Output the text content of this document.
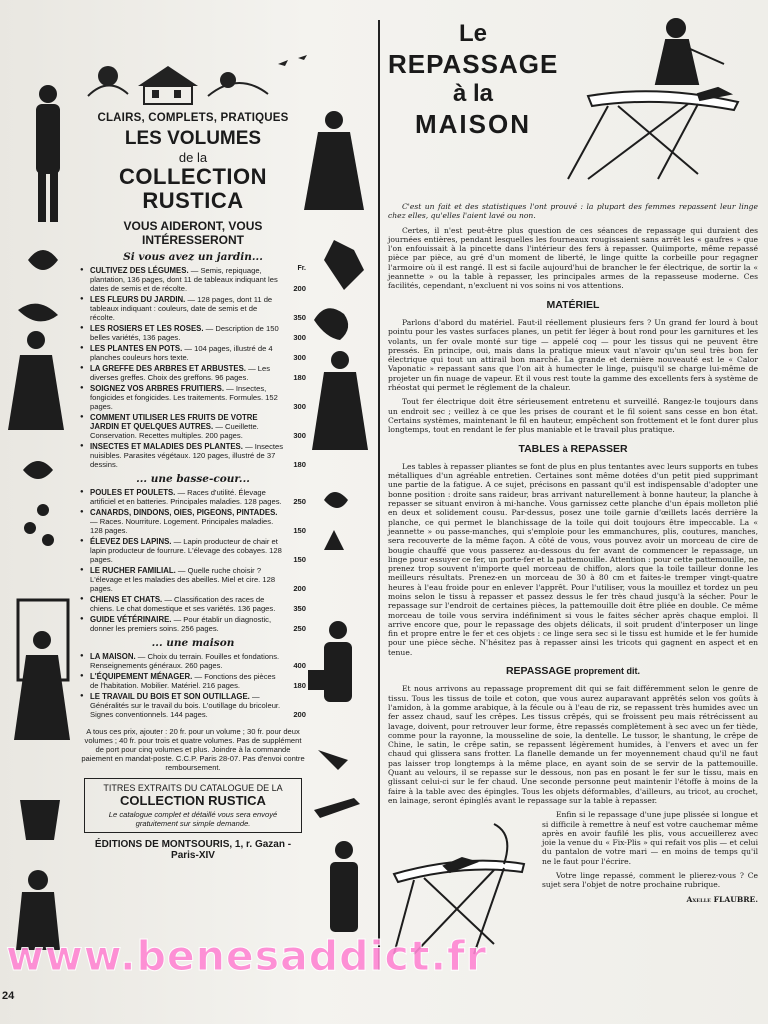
CLAIRS, COMPLETS, PRATIQUES

LES VOLUMES

de la

COLLECTION
RUSTICA

VOUS AIDERONT, VOUS INTÉRESSERONT

Si vous avez un jardin...

Fr.
● CULTIVEZ DES LÉGUMES. — Semis, repiquage, plantation, 136 pages, dont 11 de tableaux indiquant les dates de semis et de récolte.	200
● LES FLEURS DU JARDIN. — 128 pages, dont 11 de tableaux indiquant : couleurs, date de semis et de récolte.	350
● LES ROSIERS ET LES ROSES. — Description de 150 belles variétés, 136 pages.	300
● LES PLANTES EN POTS. — 104 pages, illustré de 4 planches couleurs hors texte.	300
● LA GREFFE DES ARBRES ET ARBUSTES. — Les diverses greffes. Choix des greffons. 96 pages.	180
● SOIGNEZ VOS ARBRES FRUITIERS. — Insectes, fongicides et fongicides. Les traitements. Formules. 152 pages.	300
● COMMENT UTILISER LES FRUITS DE VOTRE JARDIN ET QUELQUES AUTRES. — Cueillette. Conservation. Recettes multiples. 200 pages.	300
● INSECTES ET MALADIES DES PLANTES. — Insectes nuisibles. Parasites végétaux. 120 pages, illustré de 37 dessins.	180

... une basse-cour...

● POULES ET POULETS. — Races d'utilité. Élevage artificiel et en batteries. Principales maladies. 128 pages. 250
● CANARDS, DINDONS, OIES, PIGEONS, PINTADES. — Races. Nourriture. Logement. Principales maladies. 128 pages.	150
● ÉLEVEZ DES LAPINS. — Lapin producteur de chair et lapin producteur de fourrure. L'élevage des cobayes. 128 pages.	150
● LE RUCHER FAMILIAL. — Quelle ruche choisir ? L'élevage et les maladies des abeilles. Miel et cire. 128 pages.	200
● CHIENS ET CHATS. — Classification des races de chiens. Le chat domestique et ses variétés. 136 pages. 350
● GUIDE VÉTÉRINAIRE. — Pour établir un diagnostic, donner les premiers soins. 256 pages.	250

... une maison

● LA MAISON. — Choix du terrain. Fouilles et fondations. Renseignements généraux. 260 pages.	400
● L'ÉQUIPEMENT MÉNAGER. — Fonctions des pièces de l'habitation. Mobilier. Matériel. 216 pages.	180
● LE TRAVAIL DU BOIS ET SON OUTILLAGE. — Généralités sur le travail du bois. L'outillage du bricoleur. Signes conventionnels. 144 pages.	200

A tous ces prix, ajouter : 20 fr. pour un volume ; 30 fr. pour deux volumes ; 40 fr. pour trois et quatre volumes. Pas de supplément de port pour cinq volumes et plus. Joindre à la commande paiement en mandat-poste. C.C.P. Paris 28-07. Pas d'envoi contre remboursement.

TITRES EXTRAITS DU CATALOGUE DE LA

COLLECTION RUSTICA

Le catalogue complet et détaillé vous sera envoyé gratuitement sur simple demande.

ÉDITIONS DE MONTSOURIS, 1, r. Gazan - Paris-XIV

Le
REPASSAGE
à la
MAISON

C'est un fait et des statistiques l'ont prouvé : la plupart des femmes repassent leur linge chez elles, qu'elles l'aient lavé ou non.

Certes, il n'est peut-être plus question de ces séances de repassage qui duraient des journées entières, pendant lesquelles les fourneaux rougissaient sans arrêt les « gaufres » que l'on enfouissait à la pincette dans l'intérieur des fers à repasser. Quiimporte, même repassé pièce par pièce, au gré d'un moment de liberté, le linge quitte la corbeille pour regagner l'armoire où il est rangé. Il est si facile aujourd'hui de brancher le fer électrique, de sortir la « jeannette » ou la table à repasser, les principales armes de la repasseuse moderne. Ces facilités, cependant, n'excluent ni vos soins ni vos attentions.

MATÉRIEL

Parlons d'abord du matériel. Faut-il réellement plusieurs fers ? Un grand fer lourd à bout pointu pour les vastes surfaces planes, un petit fer léger à bout rond pour les garnitures et les volants, un fer ovale monté sur tige — appelé coq — pour les tissus qui ne peuvent être pressés. En principe, oui, mais dans la pratique mieux vaut n'avoir qu'un seul très bon fer électrique qui tout un attirail bon marché. La grande et dernière nouveauté est le « Calor Vaponatic » repassant sans que l'on ait à humecter le linge, puisqu'il se charge lui-même de projeter un fin nuage de vapeur. Et il vous rest toute la gamme des excellents fers à système de rhéostat qui permet le réglement de la chaleur.

Tout fer électrique doit être sérieusement entretenu et surveillé. Rangez-le toujours dans un endroit sec ; veillez à ce que les prises de courant et le fil soient sans cesse en bon état. Certains systèmes, maintenant le fil en hauteur, empêchent son frottement et le font durer plus longtemps, tout en rendant le fer plus maniable et le travail plus pratique.

TABLES à REPASSER

Les tables à repasser pliantes se font de plus en plus tentantes avec leurs supports en tubes métalliques d'un agréable entretien. Certaines sont même dotées d'un petit pied supprimant une partie de la fatigue. A ce sujet, précisons en passant qu'il est indispensable d'adopter une bonne position : droite sans raideur, bras arrivant naturellement à bonne hauteur, la planche à repasser se situant environ à mi-hanche. Vous garnissez cette planche d'un épais molleton plié en deux et solidement cousu. Par-dessus, posez une toile garnie d'œillets lacés derrière la planche, ce qui permet le blanchissage de la toile qui doit toujours être impeccable. La « jeannette » ou passe-manches, qui s'emploie pour les emmanchures, plis, coutures, manches, sera recouverte de la même façon. A côté de vous, vous pouvez avoir un morceau de cire de bougie chauffé que vous passerez au-dessous du fer avant de commencer le repassage, un linge pour essuyer ce fer, un porte-fer et la pattemouille. Attention : pour cette pattemouille, ne prenez trop souvent n'importe quel morceau de chiffon, alors que la toile tailleur donne les meilleurs résultats. Prenez-en un morceau de 30 à 80 cm et faites-le tremper vingt-quatre heures à l'eau froide pour en enlever l'apprêt. Pour l'utiliser, vous la mouillez et tordez un peu moins selon le tissu à repasser et passez dessus le fer très chaud jusqu'à la sécher. Pour le repassage sur l'endroit de certaines pièces, la pattemouille doit être pliée en double. Ce même morceau de toile vous servira indéfiniment si vous le faites sécher après chaque emploi. Il arrive encore que, pour le repassage des objets délicats, il soit prudent d'interposer un linge fin et propre entre le fer et ces objets : ce linge sera sec si le tissu est humide et le fer humide pour une pièce sèche. N'hésitez pas à repasser ainsi les tricots qui gagnent en aspect et en tenue.

REPASSAGE proprement dit.

Et nous arrivons au repassage proprement dit qui se fait différemment selon le genre de tissu. Tous les tissus de toile et coton, que vous aurez auparavant apprêtés selon vos goûts à l'amidon, à la gomme arabique, à la fécule ou à l'eau de riz, se repassent très humides avec un fer assez chaud, sauf les crêpes. Les tissus crêpés, qui se froissent peu mais rétrécissent au lavage, doivent, pour retrouver leur forme, être repassés complètement à sec avec un fer tiède, comme pour la rayonne, la mousseline de soie, la dentelle. Le tussor, le shantung, le crêpe de Chine, le satin, le crêpe satin, se repassent légèrement humides, à l'envers et avec un fer chaud qui glissera sans frotter. La flanelle demande un fer moyennement chaud qu'il ne faut pas laisser trop longtemps à la même place, en ayant soin de se servir de la pattemouille. Quant au velours, il se repasse sur le dessous, non pas en posant le fer sur le tissu, mais en glissant celui-ci sur le fer chaud. Une seconde personne peut maintenir l'étoffe à moins de la faire à la table avec des épingles. Tous les objets déformables, d'ailleurs, au tricot, au crochet, en lainage, seront épinglés avant le repassage sur la table à repasser.

Enfin si le repassage d'une jupe plissée si longue et si difficile à remettre à neuf est votre cauchemar même après en avoir faufilé les plis, vous accueillerez avec joie la venue du « Fix-Plis » qui refait vos plis — et celui du pantalon de votre mari — en moins de temps qu'il ne le faut pour l'écrire.

Votre linge repassé, comment le plierez-vous ? Ce sujet sera l'objet de notre prochaine rubrique.

Axelle FLAUBRE.
24
www.benesaddict.fr
